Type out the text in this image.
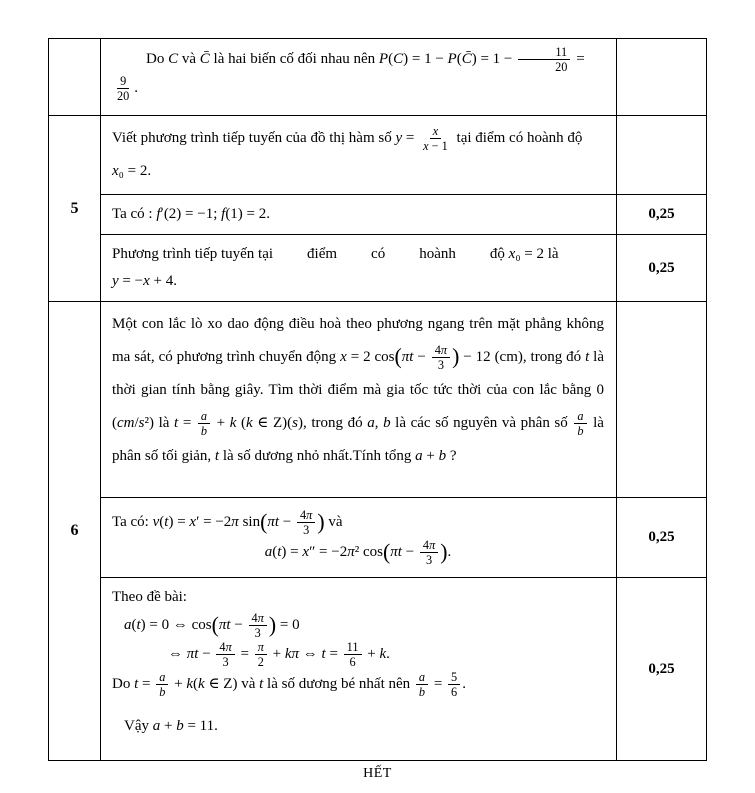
Do C và C̄ là hai biến cố đối nhau nên P(C) = 1 − P(C̄) = $1 - \frac{11}{20}$ =

$\frac{9}{20}$ .

5

Viết phương trình tiếp tuyến của đồ thị hàm số $y = \frac{x}{x - 1}$ tại điểm có hoành độ

x₀ = 2.

Ta có : f′(2) = −1; f(1) = 2.	0,25

Phương trình tiếp tuyến tại điểm có hoành độ x₀ = 2 là

y = −x + 4.

0,25
6

Một con lắc lò xo dao động điều hoà theo phương ngang trên mặt phẳng không ma sát, có phương trình chuyển động x = 2 $\cos(\pi t - \frac{4\pi}{3}$ ) − 12 (cm), trong đó t là thời gian tính bằng giây. Tìm thời điểm mà gia tốc tức thời của con lắc bằng 0 (cm/s²) là $t = \frac{a}{b} + k$ (k ∈ Z)(s), trong đó a, b là các số nguyên và phân số $\frac{a}{b}$ là phân số tối giản, t là số dương nhỏ nhất.Tính tổng a + b ?

Ta có: v(t) = x′ = −2π $\sin(\pi t - \frac{4\pi}{3}$ ) và

a(t) = x″ = −2π² $\cos(\pi t - \frac{4\pi}{3}$ ).

0,25

Theo đề bài:

a(t) = 0 ⇔ $\cos(\pi t - \frac{4\pi}{3}$ ) = 0

⇔ $\pi t - \frac{4\pi}{3} = \frac{\pi}{2} + k\pi$ ⇔ $t = \frac{11}{6} + k$.

Do $t = \frac{a}{b} + k(k$ ∈ Z) và t là số dương bé nhất nên $\frac{a}{b} = \frac{5}{6}$ .

Vậy a + b = 11.

0,25
HẾT
